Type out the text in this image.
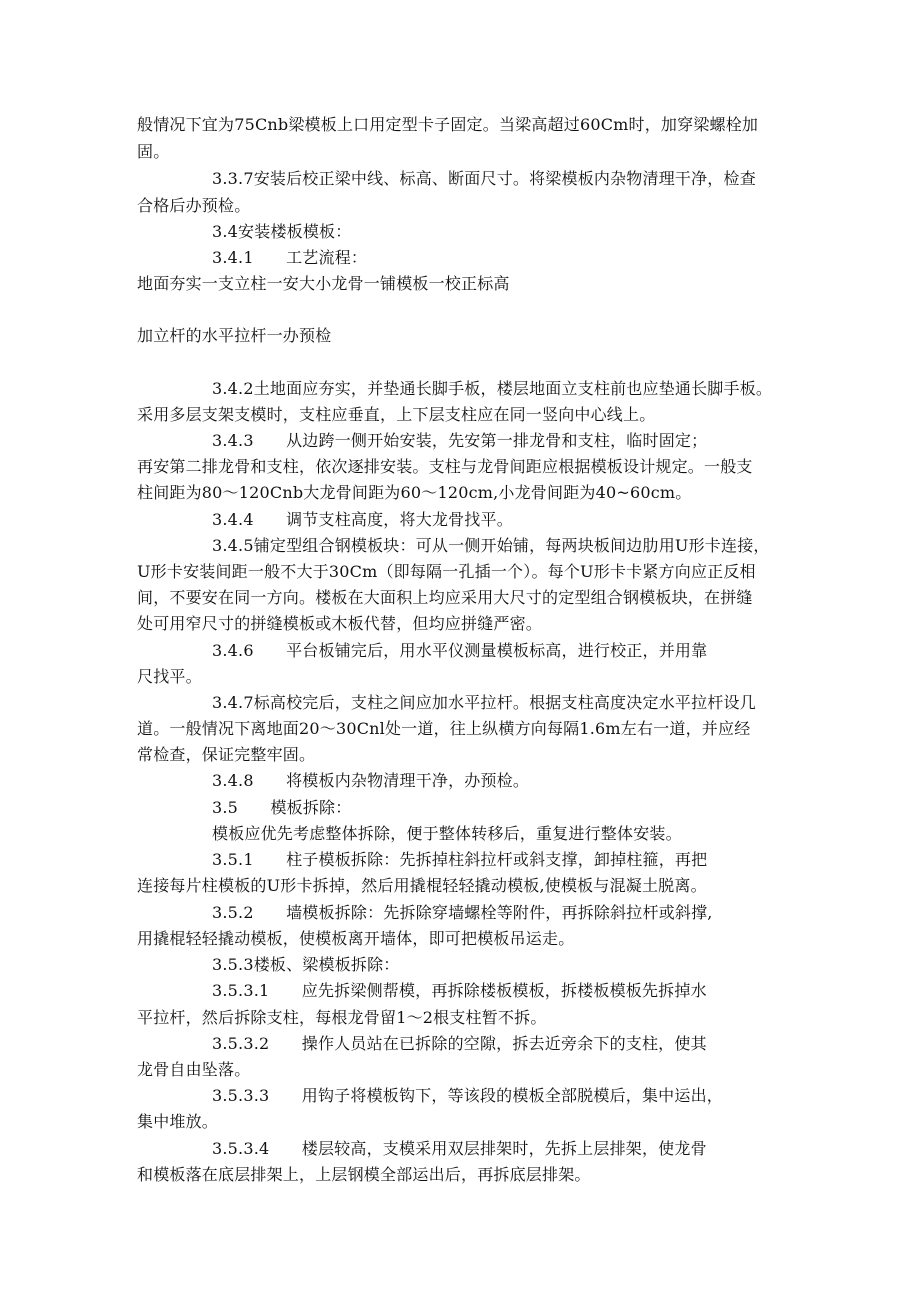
般情况下宜为75Cnb梁模板上口用定型卡子固定。当梁高超过60Cm时，加穿梁螺栓加
固。
3.3.7安装后校正梁中线、标高、断面尺寸。将梁模板内杂物清理干净，检查
合格后办预检。
3.4安装楼板模板：
3.4.1　　工艺流程：
地面夯实一支立柱一安大小龙骨一铺模板一校正标高
加立杆的水平拉杆一办预检
3.4.2土地面应夯实，并垫通长脚手板，楼层地面立支柱前也应垫通长脚手板。
采用多层支架支模时，支柱应垂直，上下层支柱应在同一竖向中心线上。
3.4.3　　从边跨一侧开始安装，先安第一排龙骨和支柱，临时固定；
再安第二排龙骨和支柱，依次逐排安装。支柱与龙骨间距应根据模板设计规定。一般支
柱间距为80～120Cnb大龙骨间距为60～120cm,小龙骨间距为40~60cm。
3.4.4　　调节支柱高度，将大龙骨找平。
3.4.5铺定型组合钢模板块：可从一侧开始铺，每两块板间边肋用U形卡连接，
U形卡安装间距一般不大于30Cm（即每隔一孔插一个）。每个U形卡卡紧方向应正反相
间，不要安在同一方向。楼板在大面积上均应采用大尺寸的定型组合钢模板块，在拼缝
处可用窄尺寸的拼缝模板或木板代替，但均应拼缝严密。
3.4.6　　平台板铺完后，用水平仪测量模板标高，进行校正，并用靠
尺找平。
3.4.7标高校完后，支柱之间应加水平拉杆。根据支柱高度决定水平拉杆设几
道。一般情况下离地面20～30Cnl处一道，往上纵横方向每隔1.6m左右一道，并应经
常检查，保证完整牢固。
3.4.8　　将模板内杂物清理干净，办预检。
3.5　　模板拆除：
模板应优先考虑整体拆除，便于整体转移后，重复进行整体安装。
3.5.1　　柱子模板拆除：先拆掉柱斜拉杆或斜支撑，卸掉柱箍，再把
连接每片柱模板的U形卡拆掉，然后用撬棍轻轻撬动模板,使模板与混凝土脱离。
3.5.2　　墙模板拆除：先拆除穿墙螺栓等附件，再拆除斜拉杆或斜撑,
用撬棍轻轻撬动模板，使模板离开墙体，即可把模板吊运走。
3.5.3楼板、梁模板拆除：
3.5.3.1　　应先拆梁侧帮模，再拆除楼板模板，拆楼板模板先拆掉水
平拉杆，然后拆除支柱，每根龙骨留1～2根支柱暂不拆。
3.5.3.2　　操作人员站在已拆除的空隙，拆去近旁余下的支柱，使其
龙骨自由坠落。
3.5.3.3　　用钩子将模板钩下，等该段的模板全部脱模后，集中运出，
集中堆放。
3.5.3.4　　楼层较高，支模采用双层排架时，先拆上层排架，使龙骨
和模板落在底层排架上，上层钢模全部运出后，再拆底层排架。
